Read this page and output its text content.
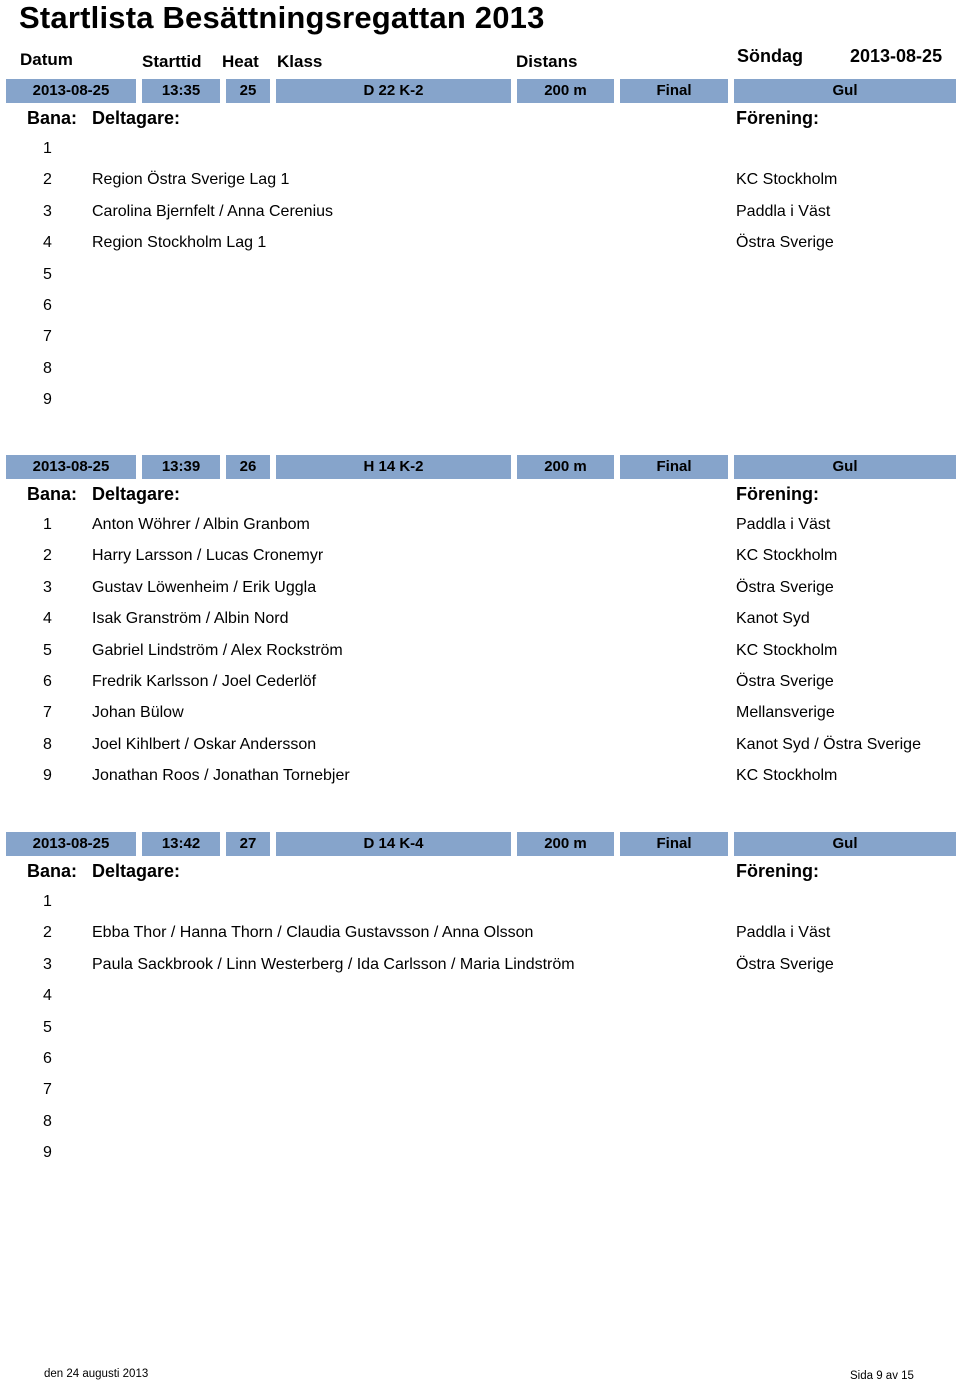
Startlista Besättningsregattan 2013
Datum	Starttid Heat Klass	Distans	Söndag	2013-08-25
2013-08-25	13:35	25	D 22 K-2	200 m	Final	Gul
Bana: Deltagare:	Förening:
1
2	Region Östra Sverige Lag 1	KC Stockholm
3	Carolina Bjernfelt / Anna Cerenius	Paddla i Väst
4	Region Stockholm Lag 1	Östra Sverige
5
6
7
8
9
2013-08-25	13:39	26	H 14 K-2	200 m	Final	Gul
Bana: Deltagare:	Förening:
1	Anton Wöhrer / Albin Granbom	Paddla i Väst
2	Harry Larsson / Lucas Cronemyr	KC Stockholm
3	Gustav Löwenheim / Erik Uggla	Östra Sverige
4	Isak Granström / Albin Nord	Kanot Syd
5	Gabriel Lindström / Alex Rockström	KC Stockholm
6	Fredrik Karlsson / Joel Cederlöf	Östra Sverige
7	Johan Bülow	Mellansverige
8	Joel Kihlbert / Oskar Andersson	Kanot Syd / Östra Sverige
9	Jonathan Roos / Jonathan Tornebjer	KC Stockholm
2013-08-25	13:42	27	D 14 K-4	200 m	Final	Gul
Bana: Deltagare:	Förening:
1
2	Ebba Thor / Hanna Thorn / Claudia Gustavsson / Anna Olsson	Paddla i Väst
3	Paula Sackbrook / Linn Westerberg / Ida Carlsson / Maria Lindström	Östra Sverige
4
5
6
7
8
9
den 24 augusti 2013	Sida 9 av 15
